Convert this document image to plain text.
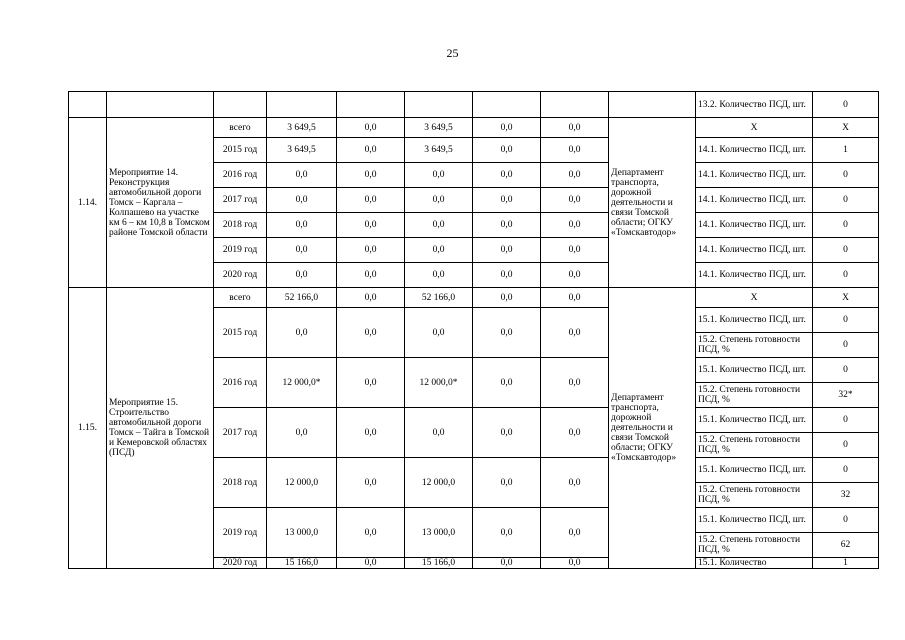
25
									13.2. Количество ПСД, шт.	0
1.14.	Мероприятие 14. Реконструкция автомобильной дороги Томск – Каргала – Колпашево на участке км 6 – км 10,8 в Томском районе Томской области	всего	3 649,5	0,0	3 649,5	0,0	0,0	Департамент транспорта, дорожной деятельности и связи Томской области; ОГКУ «Томскавтодор»	Х	Х
		2015 год	3 649,5	0,0	3 649,5	0,0	0,0		14.1. Количество ПСД, шт.	1
		2016 год	0,0	0,0	0,0	0,0	0,0		14.1. Количество ПСД, шт.	0
		2017 год	0,0	0,0	0,0	0,0	0,0		14.1. Количество ПСД, шт.	0
		2018 год	0,0	0,0	0,0	0,0	0,0		14.1. Количество ПСД, шт.	0
		2019 год	0,0	0,0	0,0	0,0	0,0		14.1. Количество ПСД, шт.	0
		2020 год	0,0	0,0	0,0	0,0	0,0		14.1. Количество ПСД, шт.	0
1.15.	Мероприятие 15. Строительство автомобильной дороги Томск – Тайга в Томской и Кемеровской областях (ПСД)	всего	52 166,0	0,0	52 166,0	0,0	0,0	Департамент транспорта, дорожной деятельности и связи Томской области; ОГКУ «Томскавтодор»	Х	Х
		2015 год	0,0	0,0	0,0	0,0	0,0		15.1. Количество ПСД, шт.	0
									15.2. Степень готовности ПСД, %	0
		2016 год	12 000,0*	0,0	12 000,0*	0,0	0,0		15.1. Количество ПСД, шт.	0
									15.2. Степень готовности ПСД, %	32*
		2017 год	0,0	0,0	0,0	0,0	0,0		15.1. Количество ПСД, шт.	0
									15.2. Степень готовности ПСД, %	0
		2018 год	12 000,0	0,0	12 000,0	0,0	0,0		15.1. Количество ПСД, шт.	0
									15.2. Степень готовности ПСД, %	32
		2019 год	13 000,0	0,0	13 000,0	0,0	0,0		15.1. Количество ПСД, шт.	0
									15.2. Степень готовности ПСД, %	62
		2020 год	15 166,0	0,0	15 166,0	0,0	0,0		15.1. Количество	1
